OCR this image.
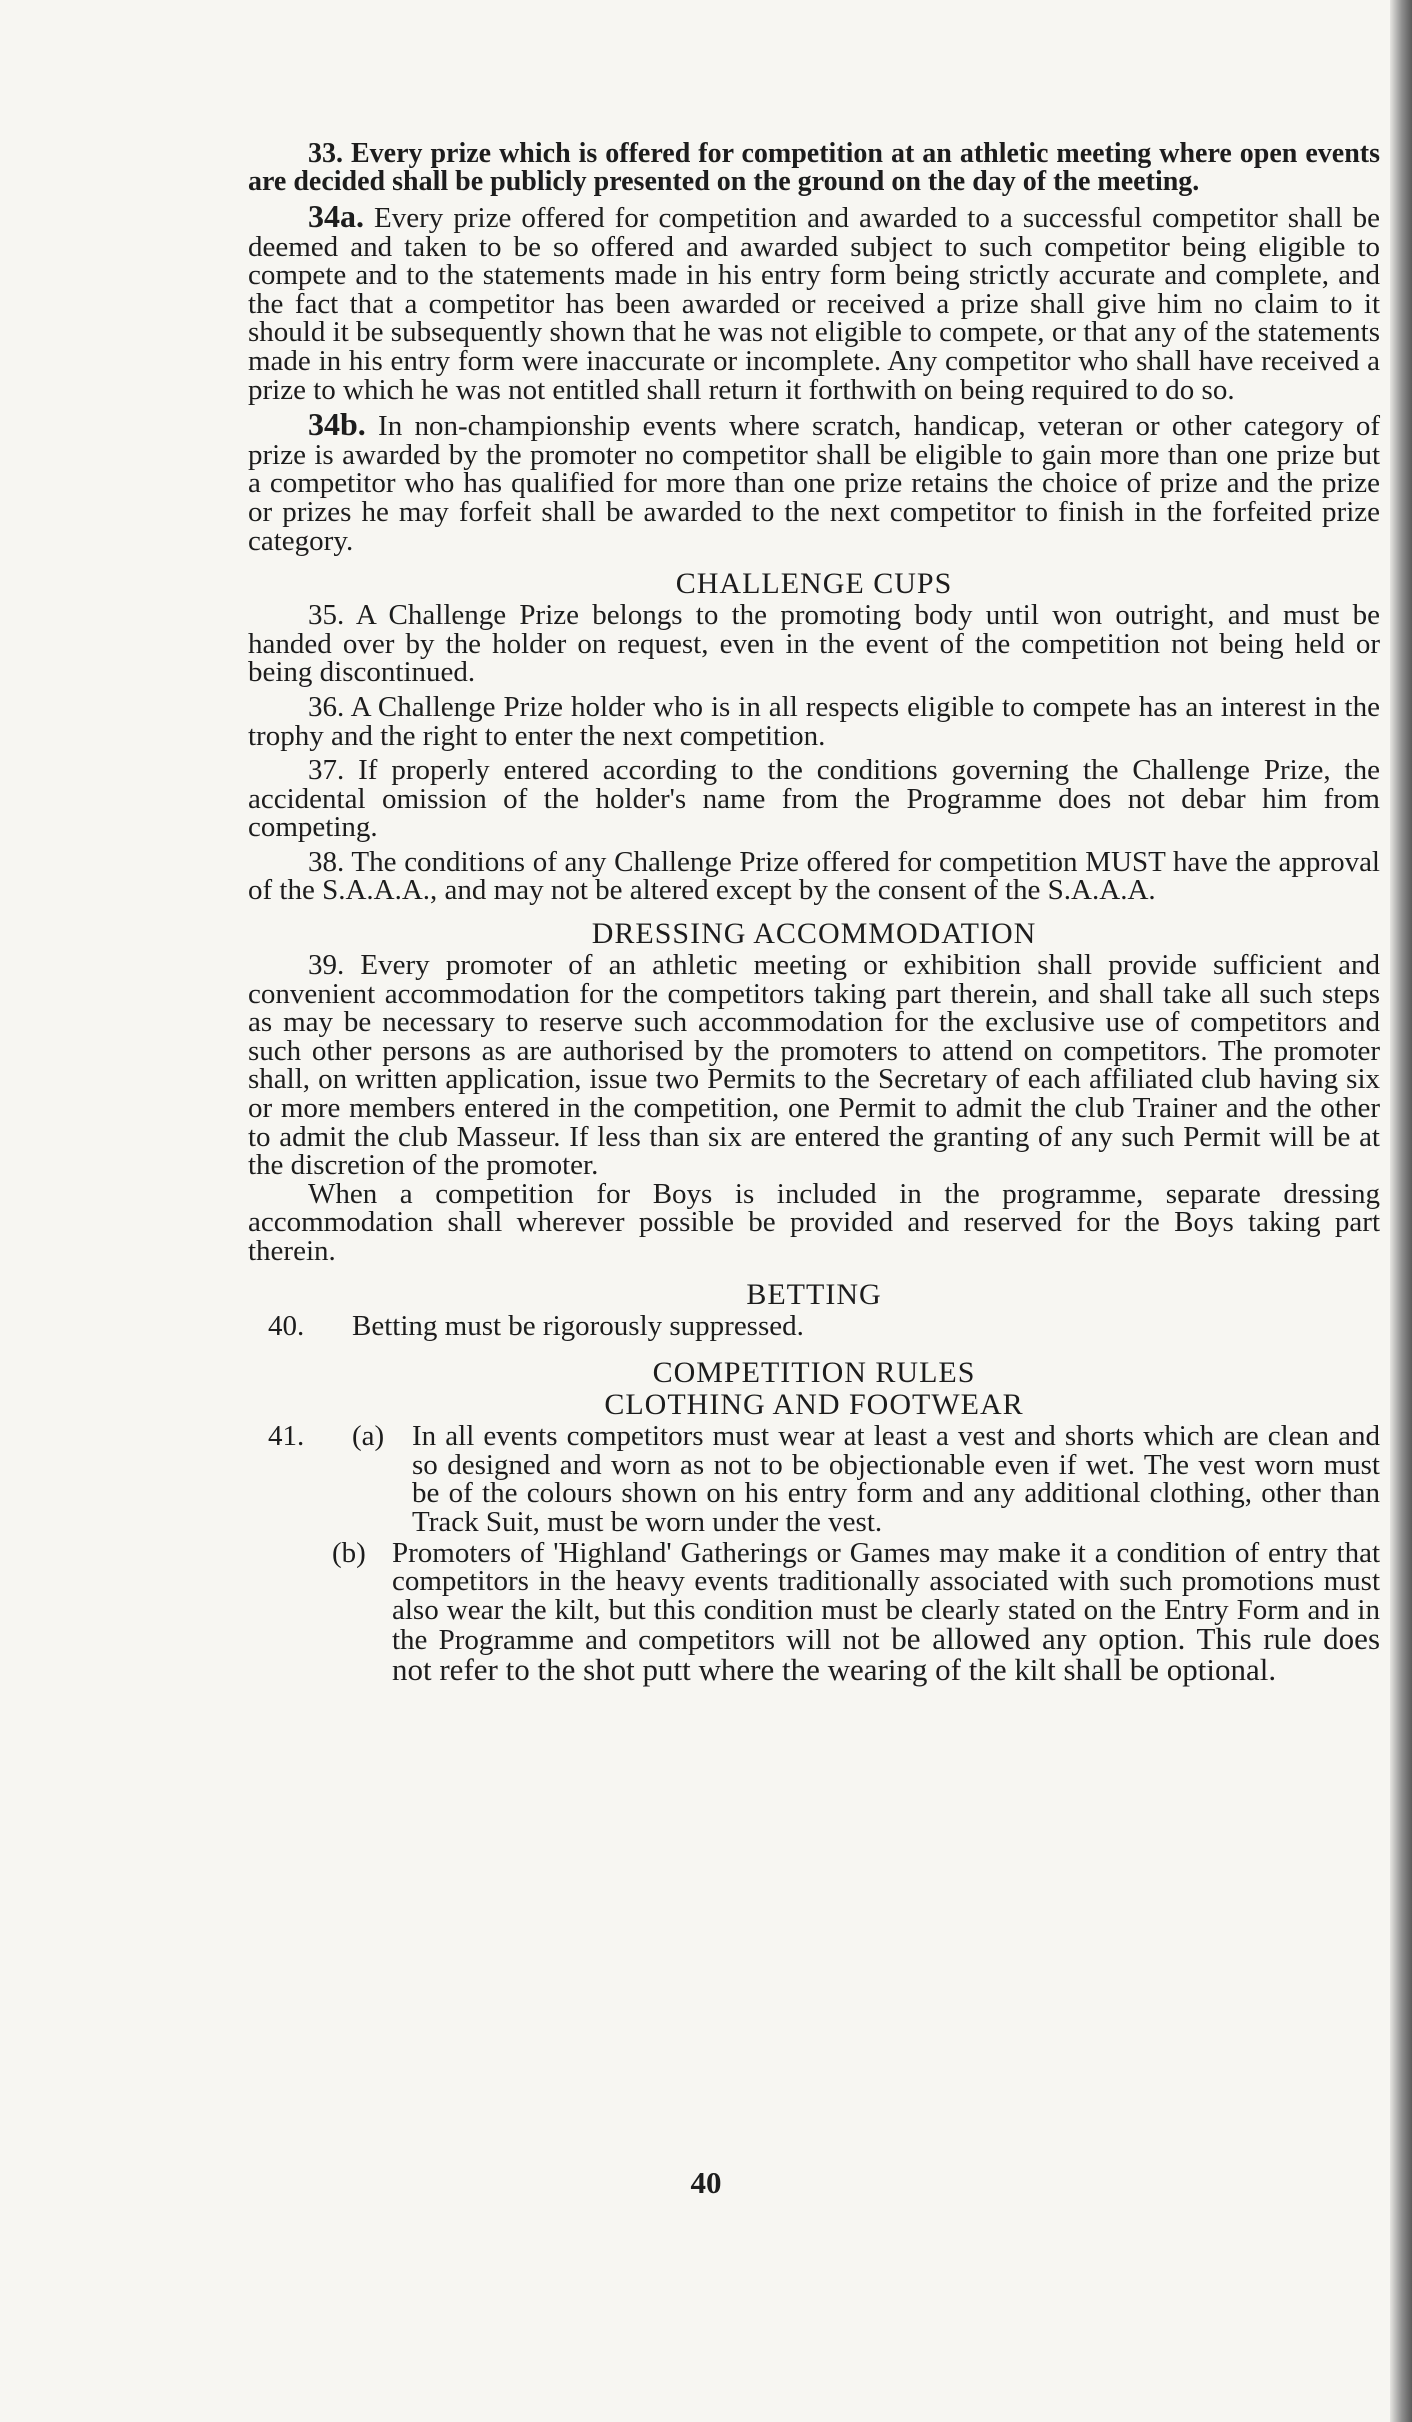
33. Every prize which is offered for competition at an athletic meeting where open events are decided shall be publicly presented on the ground on the day of the meeting.

34a. Every prize offered for competition and awarded to a successful competitor shall be deemed and taken to be so offered and awarded subject to such competitor being eligible to compete and to the statements made in his entry form being strictly accurate and complete, and the fact that a competitor has been awarded or received a prize shall give him no claim to it should it be subsequently shown that he was not eligible to compete, or that any of the statements made in his entry form were inaccurate or incomplete. Any competitor who shall have received a prize to which he was not entitled shall return it forthwith on being required to do so.

34b. In non-championship events where scratch, handicap, veteran or other category of prize is awarded by the promoter no competitor shall be eligible to gain more than one prize but a competitor who has qualified for more than one prize retains the choice of prize and the prize or prizes he may forfeit shall be awarded to the next competitor to finish in the forfeited prize category.

CHALLENGE CUPS

35. A Challenge Prize belongs to the promoting body until won outright, and must be handed over by the holder on request, even in the event of the competition not being held or being discontinued.

36. A Challenge Prize holder who is in all respects eligible to compete has an interest in the trophy and the right to enter the next competition.

37. If properly entered according to the conditions governing the Challenge Prize, the accidental omission of the holder's name from the Programme does not debar him from competing.

38. The conditions of any Challenge Prize offered for competition MUST have the approval of the S.A.A.A., and may not be altered except by the consent of the S.A.A.A.

DRESSING ACCOMMODATION

39. Every promoter of an athletic meeting or exhibition shall provide sufficient and convenient accommodation for the competitors taking part therein, and shall take all such steps as may be necessary to reserve such accommodation for the exclusive use of competitors and such other persons as are authorised by the promoters to attend on competitors. The promoter shall, on written application, issue two Permits to the Secretary of each affiliated club having six or more members entered in the competition, one Permit to admit the club Trainer and the other to admit the club Masseur. If less than six are entered the granting of any such Permit will be at the discretion of the promoter.

When a competition for Boys is included in the programme, separate dressing accommodation shall wherever possible be provided and reserved for the Boys taking part therein.

BETTING
40.	Betting must be rigorously suppressed.
COMPETITION RULES
CLOTHING AND FOOTWEAR
41.	(a) In all events competitors must wear at least a vest and shorts which are clean and so designed and worn as not to be objectionable even if wet. The vest worn must be of the colours shown on his entry form and any additional clothing, other than Track Suit, must be worn under the vest.
(b) Promoters of 'Highland' Gatherings or Games may make it a condition of entry that competitors in the heavy events traditionally associated with such promotions must also wear the kilt, but this condition must be clearly stated on the Entry Form and in the Programme and competitors will not be allowed any option. This rule does not refer to the shot putt where the wearing of the kilt shall be optional.
40
